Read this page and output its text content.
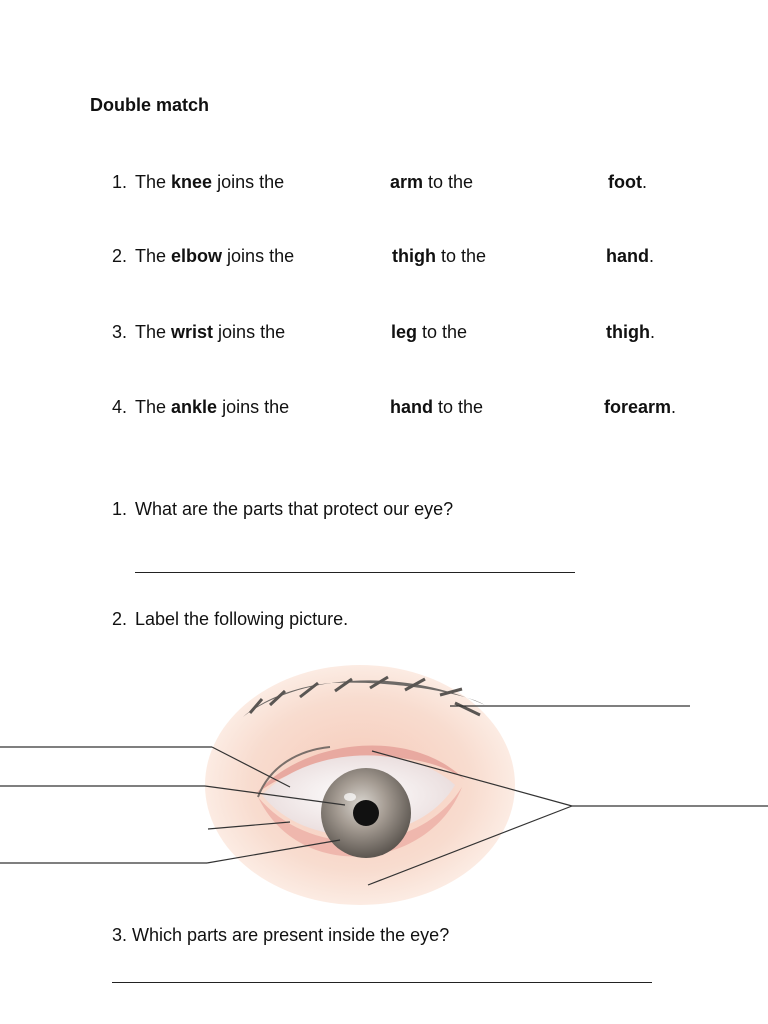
Double match
1. The knee joins the	arm to the	foot.
2. The elbow joins the	thigh to the	hand.
3. The wrist joins the	leg to the	thigh.
4. The ankle joins the	hand to the	forearm.
1. What are the parts that protect our eye?
2. Label the following picture.
3. Which parts are present inside the eye?
